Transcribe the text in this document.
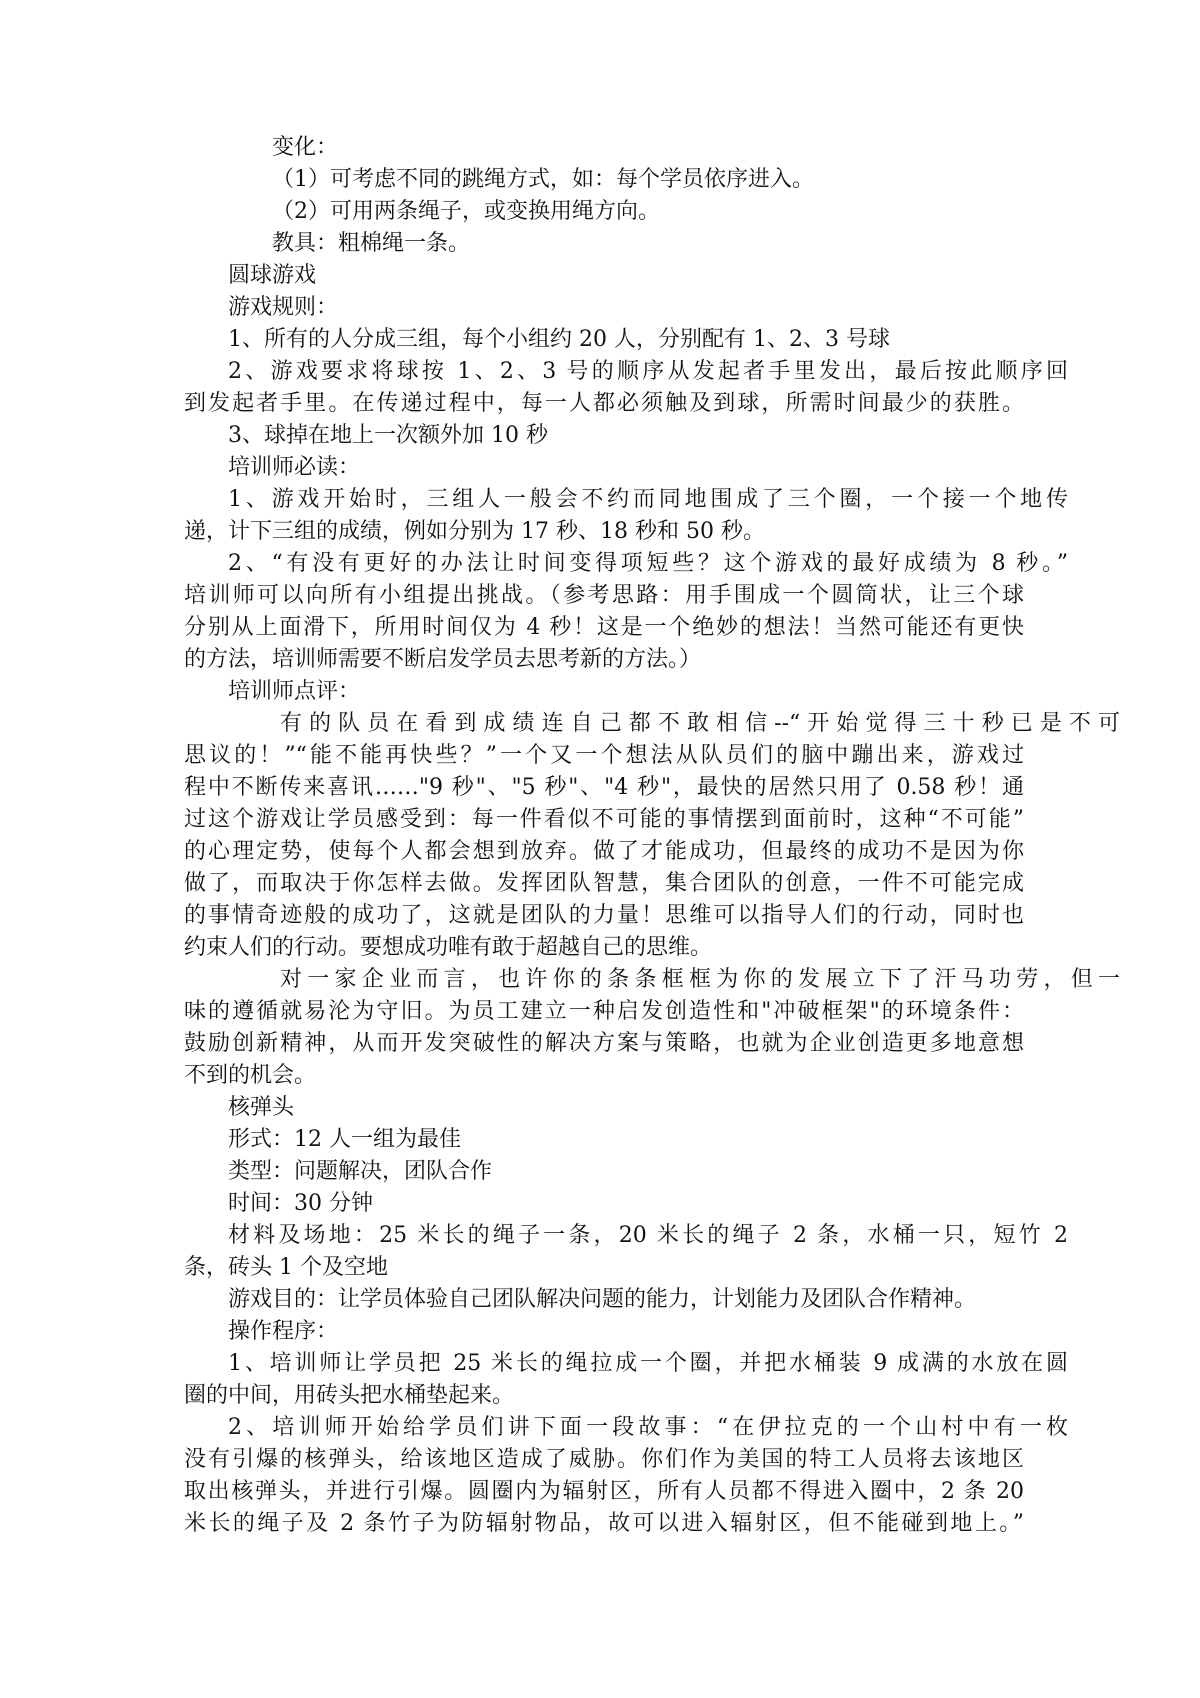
变化：
（1）可考虑不同的跳绳方式，如：每个学员依序进入。
（2）可用两条绳子，或变换用绳方向。
教具：粗棉绳一条。
圆球游戏
游戏规则：
1、所有的人分成三组，每个小组约 20 人，分别配有 1、2、3 号球
2、游戏要求将球按 1、2、3 号的顺序从发起者手里发出，最后按此顺序回
到发起者手里。在传递过程中，每一人都必须触及到球，所需时间最少的获胜。
3、球掉在地上一次额外加 10 秒
培训师必读：
1、游戏开始时，三组人一般会不约而同地围成了三个圈，一个接一个地传
递，计下三组的成绩，例如分别为 17 秒、18 秒和 50 秒。
2、“有没有更好的办法让时间变得项短些？这个游戏的最好成绩为 8 秒。”
培训师可以向所有小组提出挑战。（参考思路：用手围成一个圆筒状，让三个球
分别从上面滑下，所用时间仅为 4 秒！这是一个绝妙的想法！当然可能还有更快
的方法，培训师需要不断启发学员去思考新的方法。）
培训师点评：
有的队员在看到成绩连自己都不敢相信--“开始觉得三十秒已是不可
思议的！”“能不能再快些？”一个又一个想法从队员们的脑中蹦出来，游戏过
程中不断传来喜讯……"9 秒"、"5 秒"、"4 秒"，最快的居然只用了 0.58 秒！通
过这个游戏让学员感受到：每一件看似不可能的事情摆到面前时，这种“不可能”
的心理定势，使每个人都会想到放弃。做了才能成功，但最终的成功不是因为你
做了，而取决于你怎样去做。发挥团队智慧，集合团队的创意，一件不可能完成
的事情奇迹般的成功了，这就是团队的力量！思维可以指导人们的行动，同时也
约束人们的行动。要想成功唯有敢于超越自己的思维。
对一家企业而言，也许你的条条框框为你的发展立下了汗马功劳，但一
味的遵循就易沦为守旧。为员工建立一种启发创造性和"冲破框架"的环境条件：
鼓励创新精神，从而开发突破性的解决方案与策略，也就为企业创造更多地意想
不到的机会。
核弹头
形式：12 人一组为最佳
类型：问题解决，团队合作
时间：30 分钟
材料及场地：25 米长的绳子一条，20 米长的绳子 2 条，水桶一只，短竹 2
条，砖头 1 个及空地
游戏目的：让学员体验自己团队解决问题的能力，计划能力及团队合作精神。
操作程序：
1、培训师让学员把 25 米长的绳拉成一个圈，并把水桶装 9 成满的水放在圆
圈的中间，用砖头把水桶垫起来。
2、培训师开始给学员们讲下面一段故事：“在伊拉克的一个山村中有一枚
没有引爆的核弹头，给该地区造成了威胁。你们作为美国的特工人员将去该地区
取出核弹头，并进行引爆。圆圈内为辐射区，所有人员都不得进入圈中，2 条 20
米长的绳子及 2 条竹子为防辐射物品，故可以进入辐射区，但不能碰到地上。”
